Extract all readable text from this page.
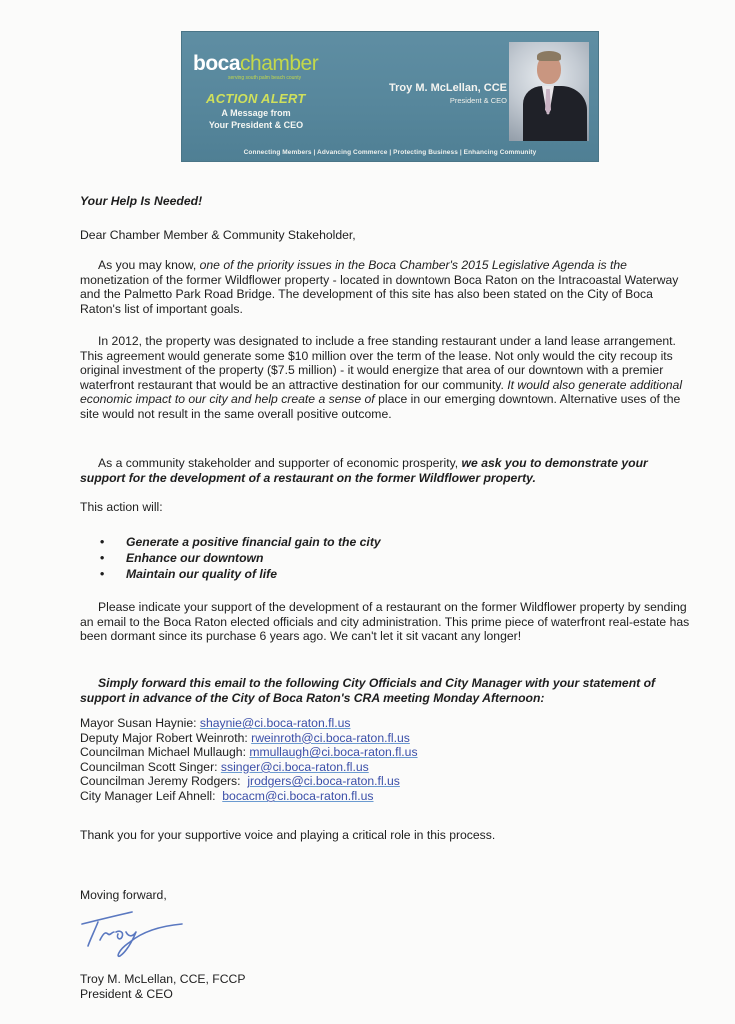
bocachamber
serving south palm beach county
ACTION ALERT
A Message from
Your President & CEO
Troy M. McLellan, CCE
President & CEO
Connecting Members | Advancing Commerce | Protecting Business | Enhancing Community

Your Help Is Needed!

Dear Chamber Member & Community Stakeholder,

As you may know, one of the priority issues in the Boca Chamber's 2015 Legislative Agenda is the monetization of the former Wildflower property - located in downtown Boca Raton on the Intracoastal Waterway and the Palmetto Park Road Bridge. The development of this site has also been stated on the City of Boca Raton's list of important goals.

In 2012, the property was designated to include a free standing restaurant under a land lease arrangement. This agreement would generate some $10 million over the term of the lease. Not only would the city recoup its original investment of the property ($7.5 million) - it would energize that area of our downtown with a premier waterfront restaurant that would be an attractive destination for our community. It would also generate additional economic impact to our city and help create a sense of place in our emerging downtown. Alternative uses of the site would not result in the same overall positive outcome.

As a community stakeholder and supporter of economic prosperity, we ask you to demonstrate your support for the development of a restaurant on the former Wildflower property.

This action will:

• Generate a positive financial gain to the city
• Enhance our downtown
• Maintain our quality of life

Please indicate your support of the development of a restaurant on the former Wildflower property by sending an email to the Boca Raton elected officials and city administration. This prime piece of waterfront real-estate has been dormant since its purchase 6 years ago. We can't let it sit vacant any longer!

Simply forward this email to the following City Officials and City Manager with your statement of support in advance of the City of Boca Raton's CRA meeting Monday Afternoon:

Mayor Susan Haynie: shaynie@ci.boca-raton.fl.us
Deputy Major Robert Weinroth: rweinroth@ci.boca-raton.fl.us
Councilman Michael Mullaugh: mmullaugh@ci.boca-raton.fl.us
Councilman Scott Singer: ssinger@ci.boca-raton.fl.us
Councilman Jeremy Rodgers:  jrodgers@ci.boca-raton.fl.us
City Manager Leif Ahnell:  bocacm@ci.boca-raton.fl.us

Thank you for your supportive voice and playing a critical role in this process.

Moving forward,

Troy M. McLellan, CCE, FCCP

President & CEO
